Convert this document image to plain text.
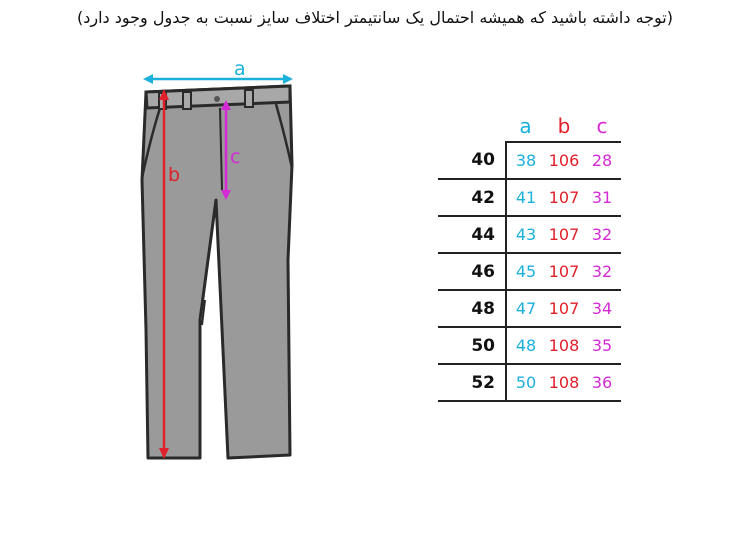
(توجه داشته باشید که همیشه احتمال یک سانتیمتر اختلاف سایز نسبت به جدول وجود دارد)
a
b
c
	a	b	c
40	38	106	28
42	41	107	31
44	43	107	32
46	45	107	32
48	47	107	34
50	48	108	35
52	50	108	36
